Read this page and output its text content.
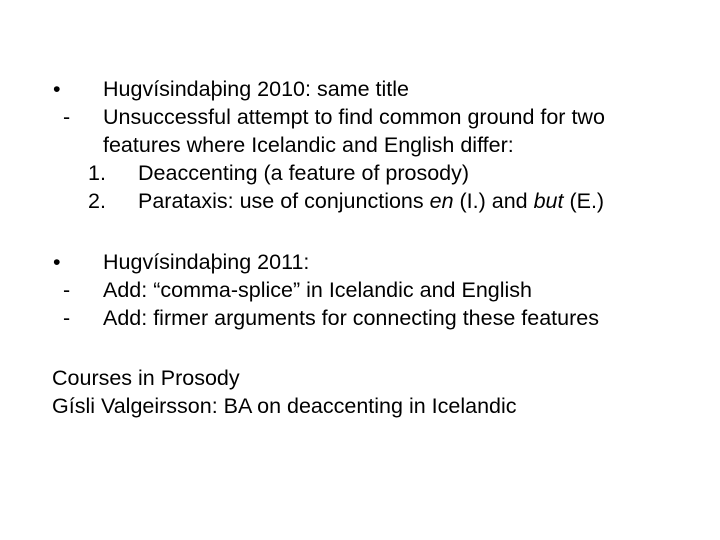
• Hugvísindaþing 2010: same title
- Unsuccessful attempt to find common ground for two
features where Icelandic and English differ:
1. Deaccenting (a feature of prosody)
2. Parataxis: use of conjunctions en (I.) and but (E.)
• Hugvísindaþing 2011:
- Add: “comma-splice” in Icelandic and English
- Add: firmer arguments for connecting these features
Courses in Prosody
Gísli Valgeirsson: BA on deaccenting in Icelandic
